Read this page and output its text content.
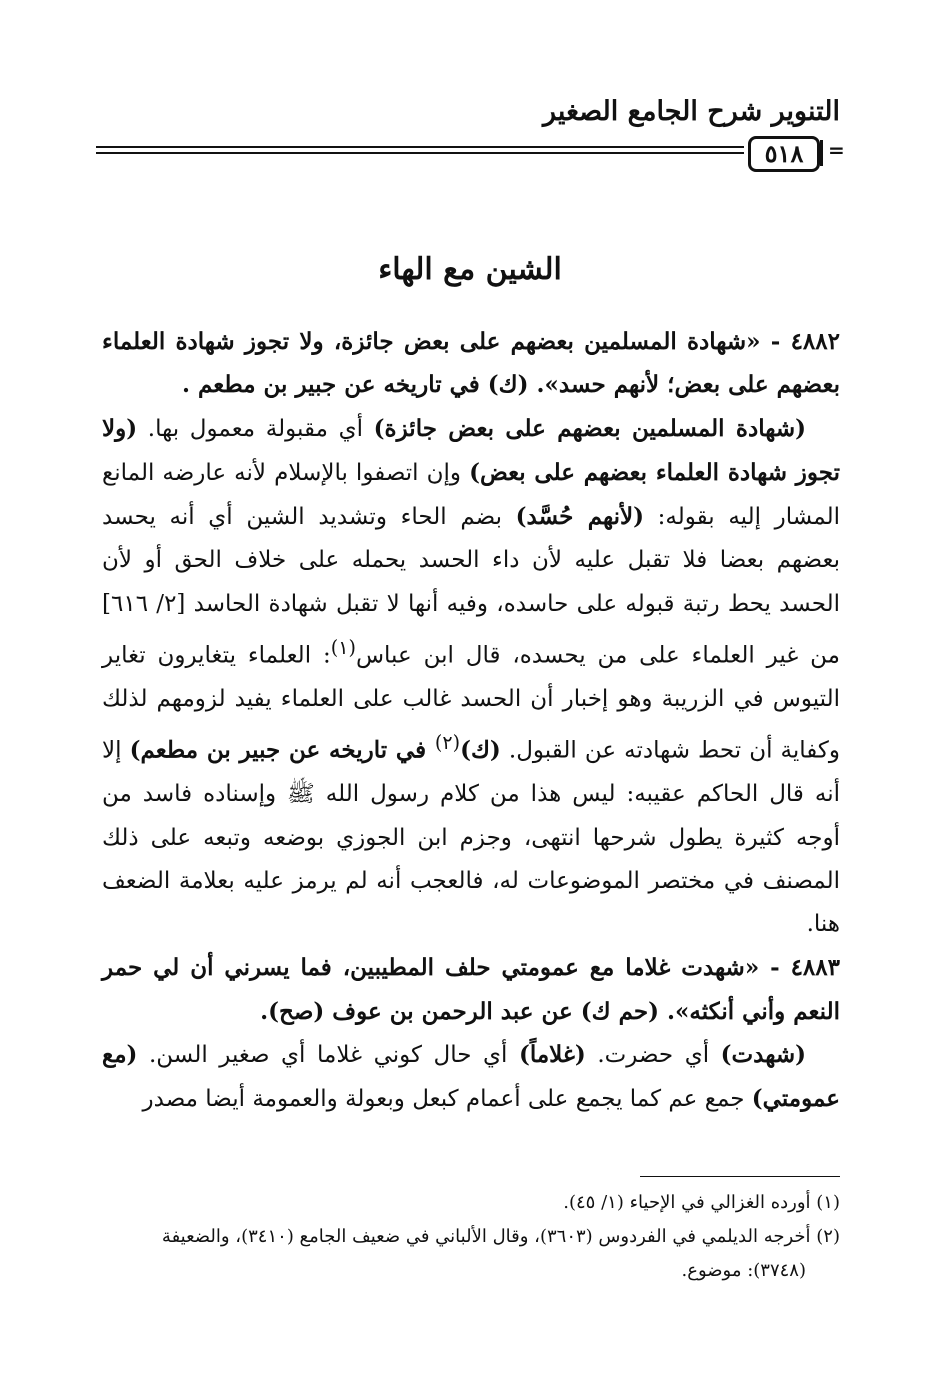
التنوير شرح الجامع الصغير
٥١٨	=
الشين مع الهاء

٤٨٨٢ - «شهادة المسلمين بعضهم على بعض جائزة، ولا تجوز شهادة العلماء بعضهم على بعض؛ لأنهم حسد». (ك) في تاريخه عن جبير بن مطعم .

(شهادة المسلمين بعضهم على بعض جائزة) أي مقبولة معمول بها. (ولا تجوز شهادة العلماء بعضهم على بعض) وإن اتصفوا بالإسلام لأنه عارضه المانع المشار إليه بقوله: (لأنهم حُسَّد) بضم الحاء وتشديد الشين أي أنه يحسد بعضهم بعضا فلا تقبل عليه لأن داء الحسد يحمله على خلاف الحق أو لأن الحسد يحط رتبة قبوله على حاسده، وفيه أنها لا تقبل شهادة الحاسد [٢/ ٦١٦] من غير العلماء على من يحسده، قال ابن عباس$^{(١)}$: العلماء يتغايرون تغاير التيوس في الزريبة وهو إخبار أن الحسد غالب على العلماء يفيد لزومهم لذلك وكفاية أن تحط شهادته عن القبول. (ك)$^{(٢)}$ في تاريخه عن جبير بن مطعم) إلا أنه قال الحاكم عقيبه: ليس هذا من كلام رسول الله ﷺ وإسناده فاسد من أوجه كثيرة يطول شرحها انتهى، وجزم ابن الجوزي بوضعه وتبعه على ذلك المصنف في مختصر الموضوعات له، فالعجب أنه لم يرمز عليه بعلامة الضعف هنا.

٤٨٨٣ - «شهدت غلاما مع عمومتي حلف المطيبين، فما يسرني أن لي حمر النعم وأني أنكثه». (حم ك) عن عبد الرحمن بن عوف (صح).

(شهدت) أي حضرت. (غلاماً) أي حال كوني غلاما أي صغير السن. (مع عمومتي) جمع عم كما يجمع على أعمام كبعل وبعولة والعمومة أيضا مصدر

(١) أورده الغزالي في الإحياء (١/ ٤٥).

(٢) أخرجه الديلمي في الفردوس (٣٦٠٣)، وقال الألباني في ضعيف الجامع (٣٤١٠)، والضعيفة

(٣٧٤٨): موضوع.
